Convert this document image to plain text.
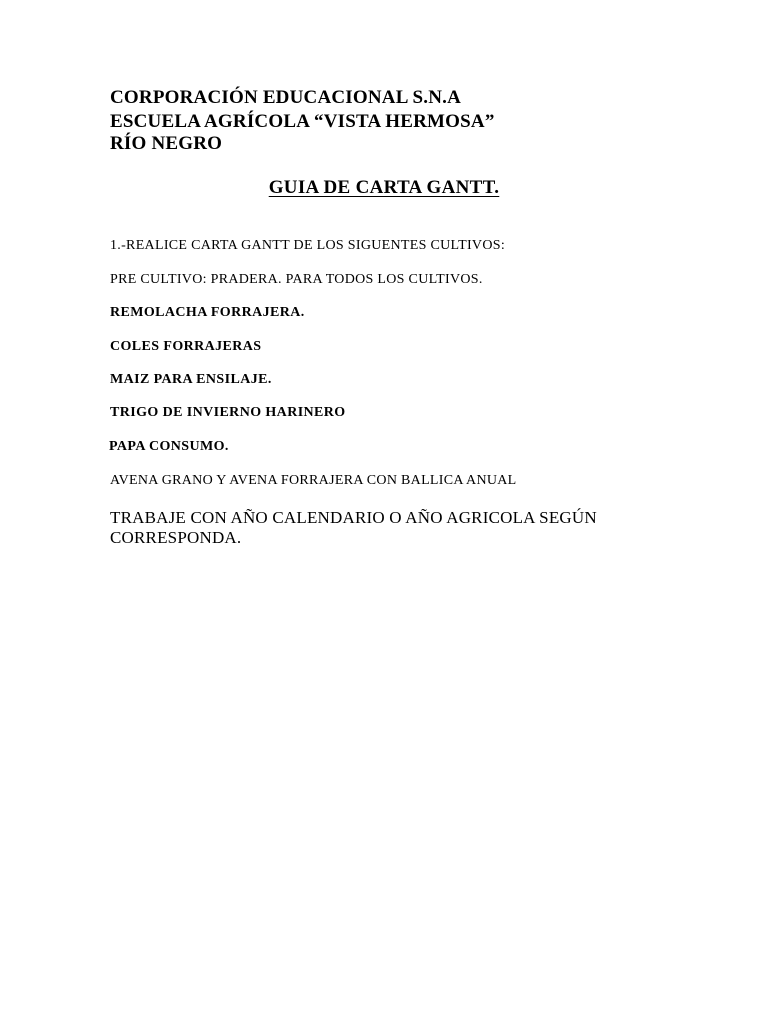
CORPORACIÓN EDUCACIONAL S.N.A
ESCUELA AGRÍCOLA “VISTA HERMOSA”
RÍO NEGRO
GUIA DE CARTA GANTT.
1.-REALICE CARTA GANTT DE LOS SIGUENTES CULTIVOS:
PRE CULTIVO: PRADERA. PARA TODOS LOS CULTIVOS.
REMOLACHA FORRAJERA.
COLES FORRAJERAS
MAIZ PARA ENSILAJE.
TRIGO DE INVIERNO HARINERO
PAPA CONSUMO.
AVENA GRANO Y AVENA FORRAJERA CON BALLICA ANUAL
TRABAJE CON AÑO CALENDARIO O AÑO AGRICOLA SEGÚN
CORRESPONDA.
